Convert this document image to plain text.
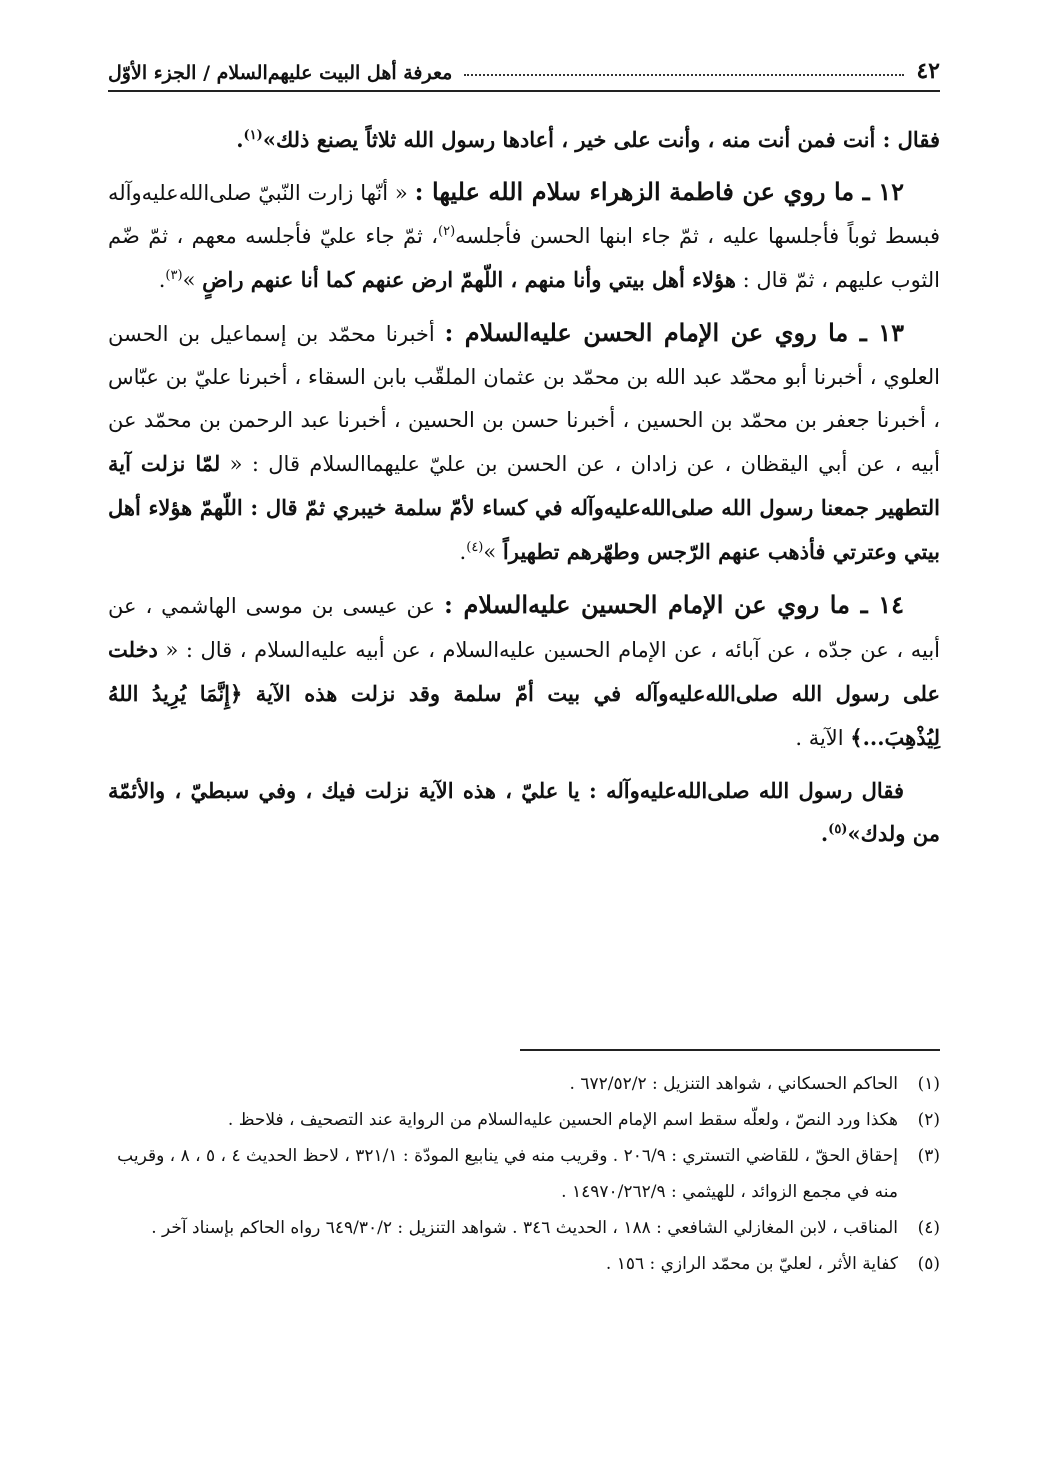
٤٢
معرفة أهل البيت عليهم‌السلام / الجزء الأوّل

فقال : أنت فمن أنت منه ، وأنت على خير ، أعادها رسول الله ثلاثاً يصنع ذلك»$^{(١)}$.

١٢ ـ ما روي عن فاطمة الزهراء سلام الله عليها : « أنّها زارت النّبيّ صلى‌الله‌عليه‌وآله فبسط ثوباً فأجلسها عليه ، ثمّ جاء ابنها الحسن فأجلسه$^{(٢)}$، ثمّ جاء عليّ فأجلسه معهم ، ثمّ ضّم الثوب عليهم ، ثمّ قال : هؤلاء أهل بيتي وأنا منهم ، اللّهمّ ارض عنهم كما أنا عنهم راضٍ »$^{(٣)}$.

١٣ ـ ما روي عن الإمام الحسن عليه‌السلام : أخبرنا محمّد بن إسماعيل بن الحسن العلوي ، أخبرنا أبو محمّد عبد الله بن محمّد بن عثمان الملقّب بابن السقاء ، أخبرنا عليّ بن عبّاس ، أخبرنا جعفر بن محمّد بن الحسين ، أخبرنا حسن بن الحسين ، أخبرنا عبد الرحمن بن محمّد عن أبيه ، عن أبي اليقظان ، عن زادان ، عن الحسن بن عليّ عليهما‌السلام قال : « لمّا نزلت آية التطهير جمعنا رسول الله صلى‌الله‌عليه‌وآله في كساء لأمّ سلمة خيبري ثمّ قال : اللّهمّ هؤلاء أهل بيتي وعترتي فأذهب عنهم الرّجس وطهّرهم تطهيراً »$^{(٤)}$.

١٤ ـ ما روي عن الإمام الحسين عليه‌السلام : عن عيسى بن موسى الهاشمي ، عن أبيه ، عن جدّه ، عن آبائه ، عن الإمام الحسين عليه‌السلام ، عن أبيه عليه‌السلام ، قال : « دخلت على رسول الله صلى‌الله‌عليه‌وآله في بيت أمّ سلمة وقد نزلت هذه الآية ﴿إِنَّمَا يُرِيدُ اللهُ لِيُذْهِبَ...﴾ الآية .

فقال رسول الله صلى‌الله‌عليه‌وآله : يا عليّ ، هذه الآية نزلت فيك ، وفي سبطيّ ، والأئمّة من ولدك»$^{(٥)}$.

(١)
الحاكم الحسكاني ، شواهد التنزيل : ٦٧٢/٥٢/٢ .
(٢)
هكذا ورد النصّ ، ولعلّه سقط اسم الإمام الحسين عليه‌السلام من الرواية عند التصحيف ، فلاحظ .
(٣)
إحقاق الحقّ ، للقاضي التستري : ٢٠٦/٩ . وقريب منه في ينابيع المودّة : ٣٢١/١ ، لاحظ الحديث ٤ ، ٥ ، ٨ ، وقريب منه في مجمع الزوائد ، للهيثمي : ١٤٩٧٠/٢٦٢/٩ .
(٤)
المناقب ، لابن المغازلي الشافعي : ١٨٨ ، الحديث ٣٤٦ . شواهد التنزيل : ٦٤٩/٣٠/٢ رواه الحاكم بإسناد آخر .
(٥)
كفاية الأثر ، لعليّ بن محمّد الرازي : ١٥٦ .
